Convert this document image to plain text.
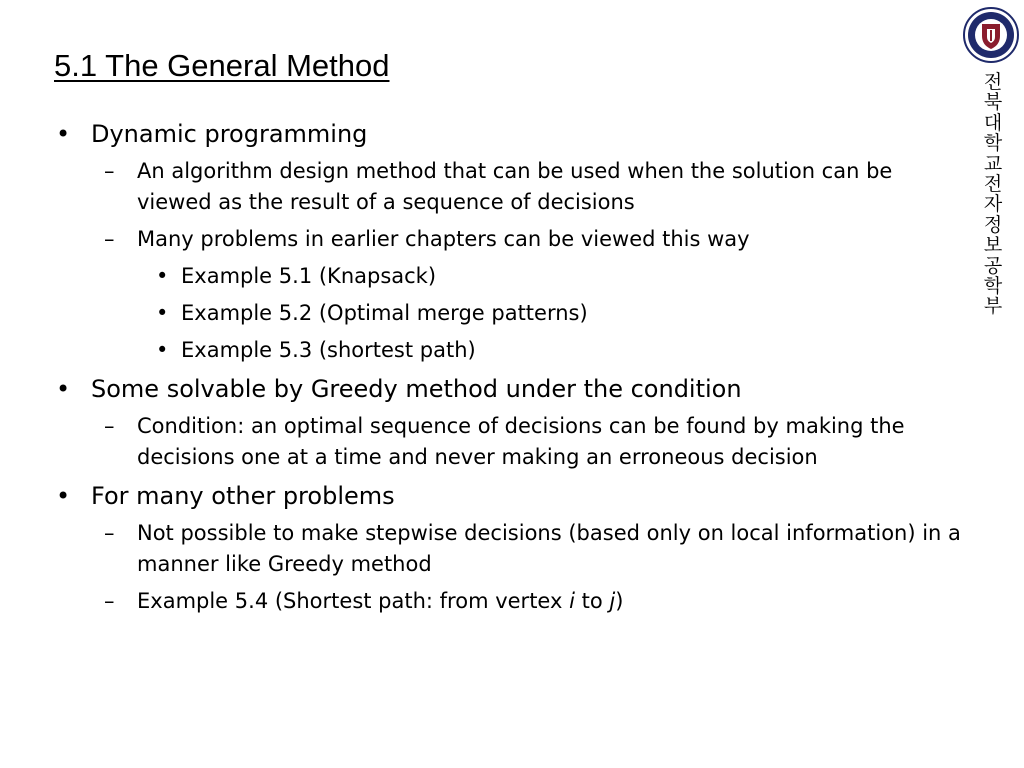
5.1 The General Method	전북대학교 전자정보공학부

• Dynamic programming
– An algorithm design method that can be used when the solution can be viewed as the result of a sequence of decisions
– Many problems in earlier chapters can be viewed this way
• Example 5.1 (Knapsack)
• Example 5.2 (Optimal merge patterns)
• Example 5.3 (shortest path)
• Some solvable by Greedy method under the condition
– Condition: an optimal sequence of decisions can be found by making the decisions one at a time and never making an erroneous decision
• For many other problems
– Not possible to make stepwise decisions (based only on local information) in a manner like Greedy method
– Example 5.4 (Shortest path: from vertex i to j)
